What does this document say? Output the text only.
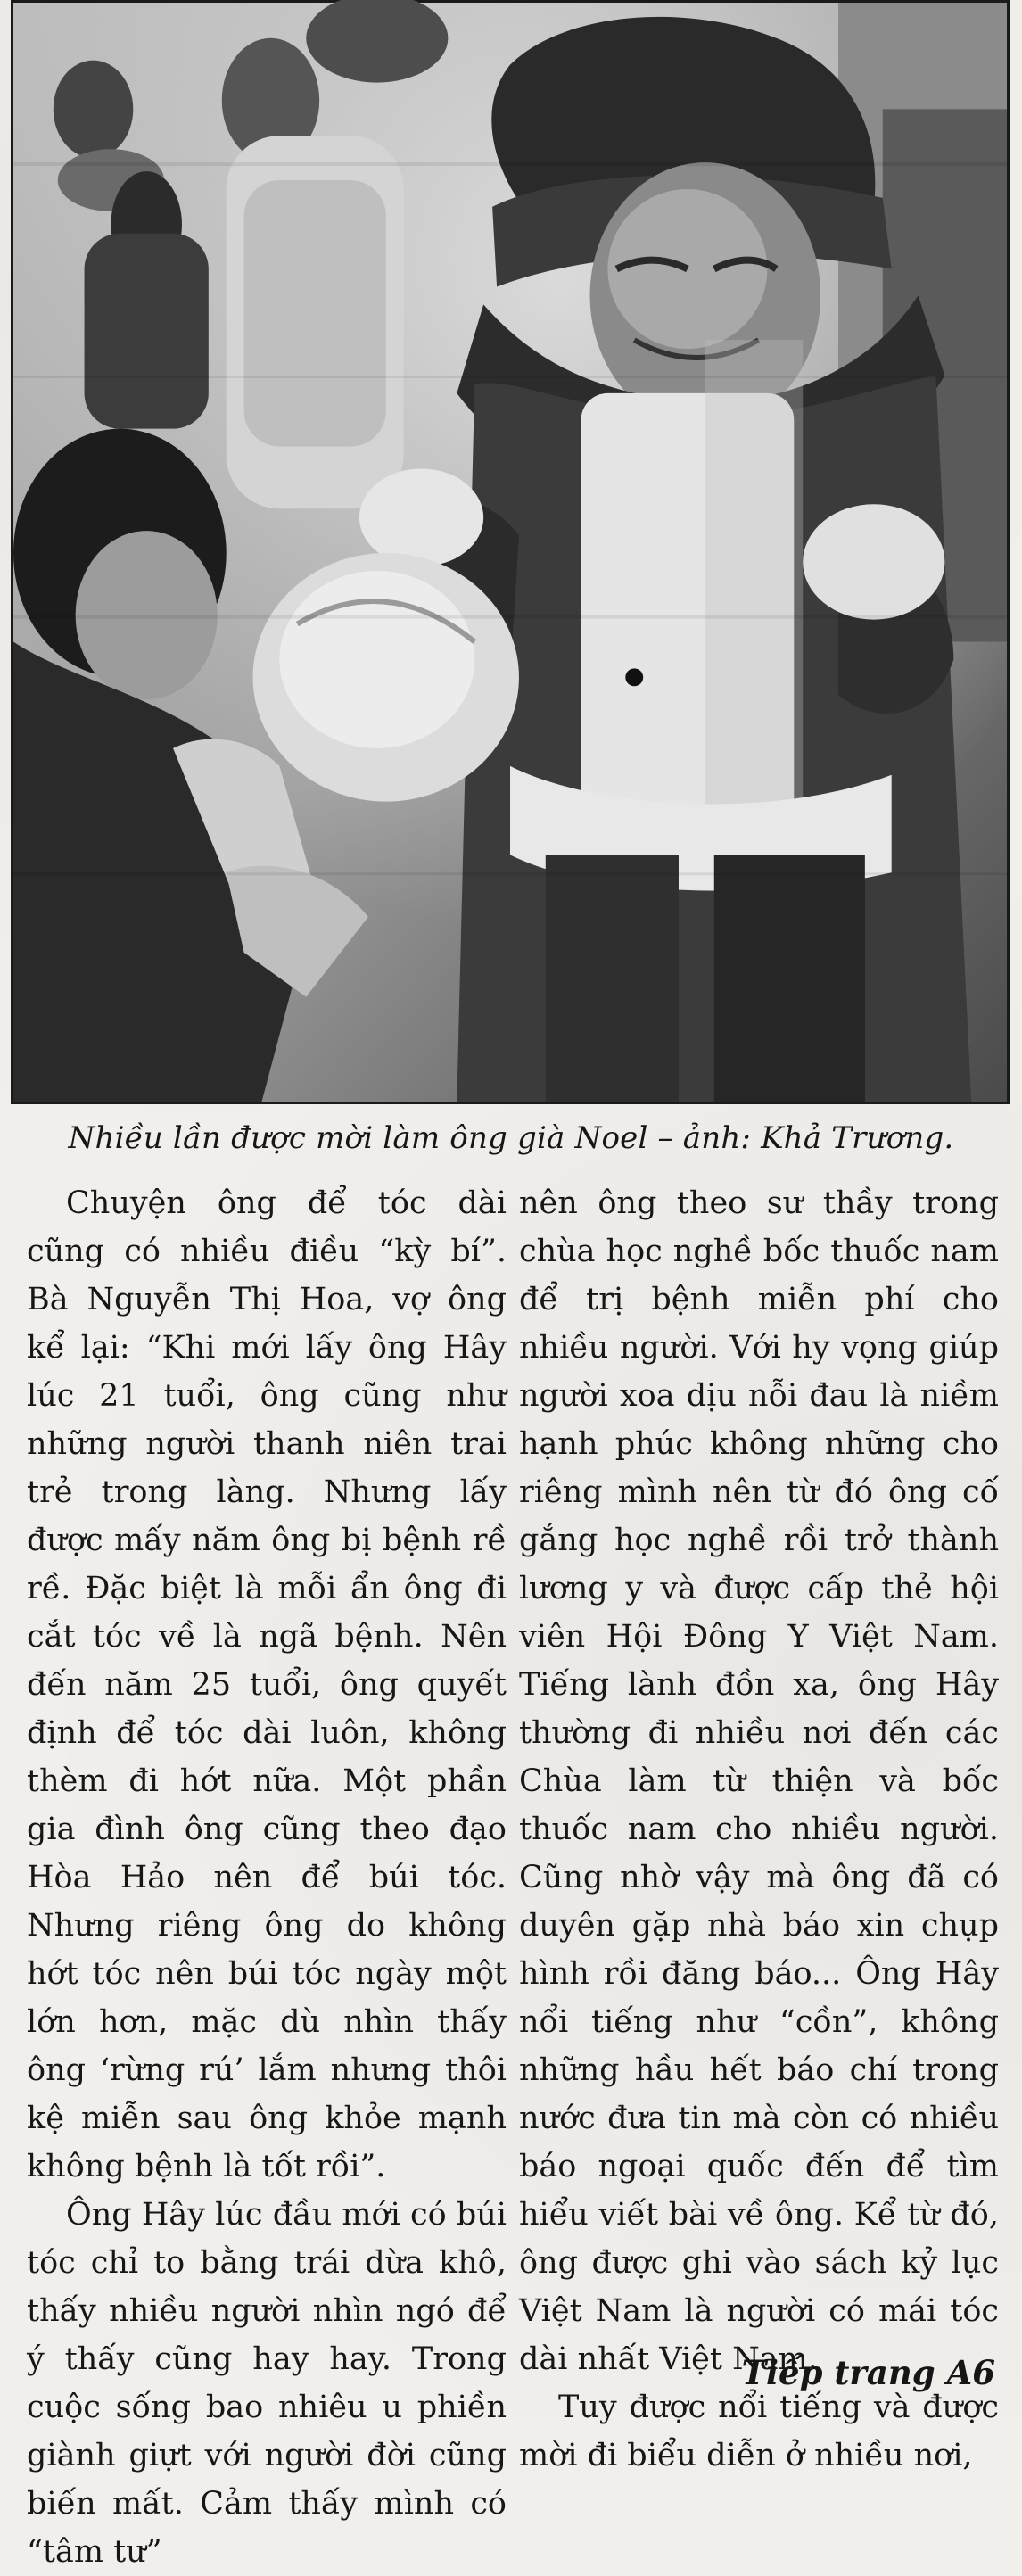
Nhiều lần được mời làm ông già Noel – ảnh: Khả Trương.

Chuyện ông để tóc dài cũng có nhiều điều “kỳ bí”. Bà Nguyễn Thị Hoa, vợ ông kể lại: “Khi mới lấy ông Hây lúc 21 tuổi, ông cũng như những người thanh niên trai trẻ trong làng. Nhưng lấy được mấy năm ông bị bệnh rề rề. Đặc biệt là mỗi ẩn ông đi cắt tóc về là ngã bệnh. Nên đến năm 25 tuổi, ông quyết định để tóc dài luôn, không thèm đi hớt nữa. Một phần gia đình ông cũng theo đạo Hòa Hảo nên để búi tóc. Nhưng riêng ông do không hớt tóc nên búi tóc ngày một lớn hơn, mặc dù nhìn thấy ông ‘rừng rú’ lắm nhưng thôi kệ miễn sau ông khỏe mạnh không bệnh là tốt rồi”.

Ông Hây lúc đầu mới có búi tóc chỉ to bằng trái dừa khô, thấy nhiều người nhìn ngó để ý thấy cũng hay hay. Trong cuộc sống bao nhiêu u phiền giành giựt với người đời cũng biến mất. Cảm thấy mình có “tâm tư”

nên ông theo sư thầy trong chùa học nghề bốc thuốc nam để trị bệnh miễn phí cho nhiều người. Với hy vọng giúp người xoa dịu nỗi đau là niềm hạnh phúc không những cho riêng mình nên từ đó ông cố gắng học nghề rồi trở thành lương y và được cấp thẻ hội viên Hội Đông Y Việt Nam. Tiếng lành đồn xa, ông Hây thường đi nhiều nơi đến các Chùa làm từ thiện và bốc thuốc nam cho nhiều người. Cũng nhờ vậy mà ông đã có duyên gặp nhà báo xin chụp hình rồi đăng báo... Ông Hây nổi tiếng như “cồn”, không những hầu hết báo chí trong nước đưa tin mà còn có nhiều báo ngoại quốc đến để tìm hiểu viết bài về ông. Kể từ đó, ông được ghi vào sách kỷ lục Việt Nam là người có mái tóc dài nhất Việt Nam.

Tuy được nổi tiếng và được mời đi biểu diễn ở nhiều nơi,

Tiếp trang A6
